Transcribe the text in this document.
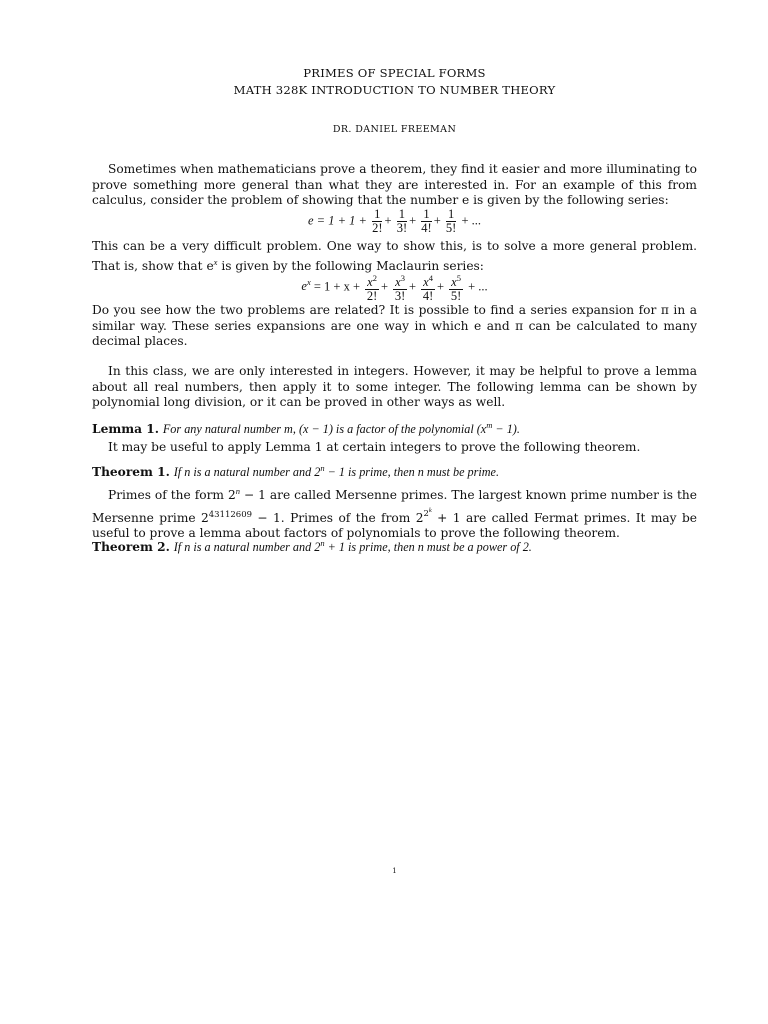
PRIMES OF SPECIAL FORMS
MATH 328K INTRODUCTION TO NUMBER THEORY
DR. DANIEL FREEMAN

Sometimes when mathematicians prove a theorem, they find it easier and more illuminating to prove something more general than what they are interested in. For an example of this from calculus, consider the problem of showing that the number e is given by the following series:

$e = 1 + 1 + \frac{1}{2!} + \frac{1}{3!} + \frac{1}{4!} + \frac{1}{5!}$ + ...

This can be a very difficult problem. One way to show this, is to solve a more general problem. That is, show that $e^x$ is given by the following Maclaurin series:

$e^x = 1 + x + \frac{x^2}{2!} + \frac{x^3}{3!} + \frac{x^4}{4!} + \frac{x^5}{5!}$ + ...

Do you see how the two problems are related? It is possible to find a series expansion for π in a similar way. These series expansions are one way in which e and π can be calculated to many decimal places.

In this class, we are only interested in integers. However, it may be helpful to prove a lemma about all real numbers, then apply it to some integer. The following lemma can be shown by polynomial long division, or it can be proved in other ways as well.

Lemma 1. For any natural number m, (x − 1) is a factor of the polynomial $(x^m - 1)$.

It may be useful to apply Lemma 1 at certain integers to prove the following theorem.

Theorem 1. If n is a natural number and $2^n - 1$ is prime, then n must be prime.

Primes of the form $2^n - 1$ are called Mersenne primes. The largest known prime number is the Mersenne prime $2^{43112609} - 1$. Primes of the from $2^{2^k} + 1$ are called Fermat primes. It may be useful to prove a lemma about factors of polynomials to prove the following theorem.

Theorem 2. If n is a natural number and $2^n + 1$ is prime, then n must be a power of 2.

1
